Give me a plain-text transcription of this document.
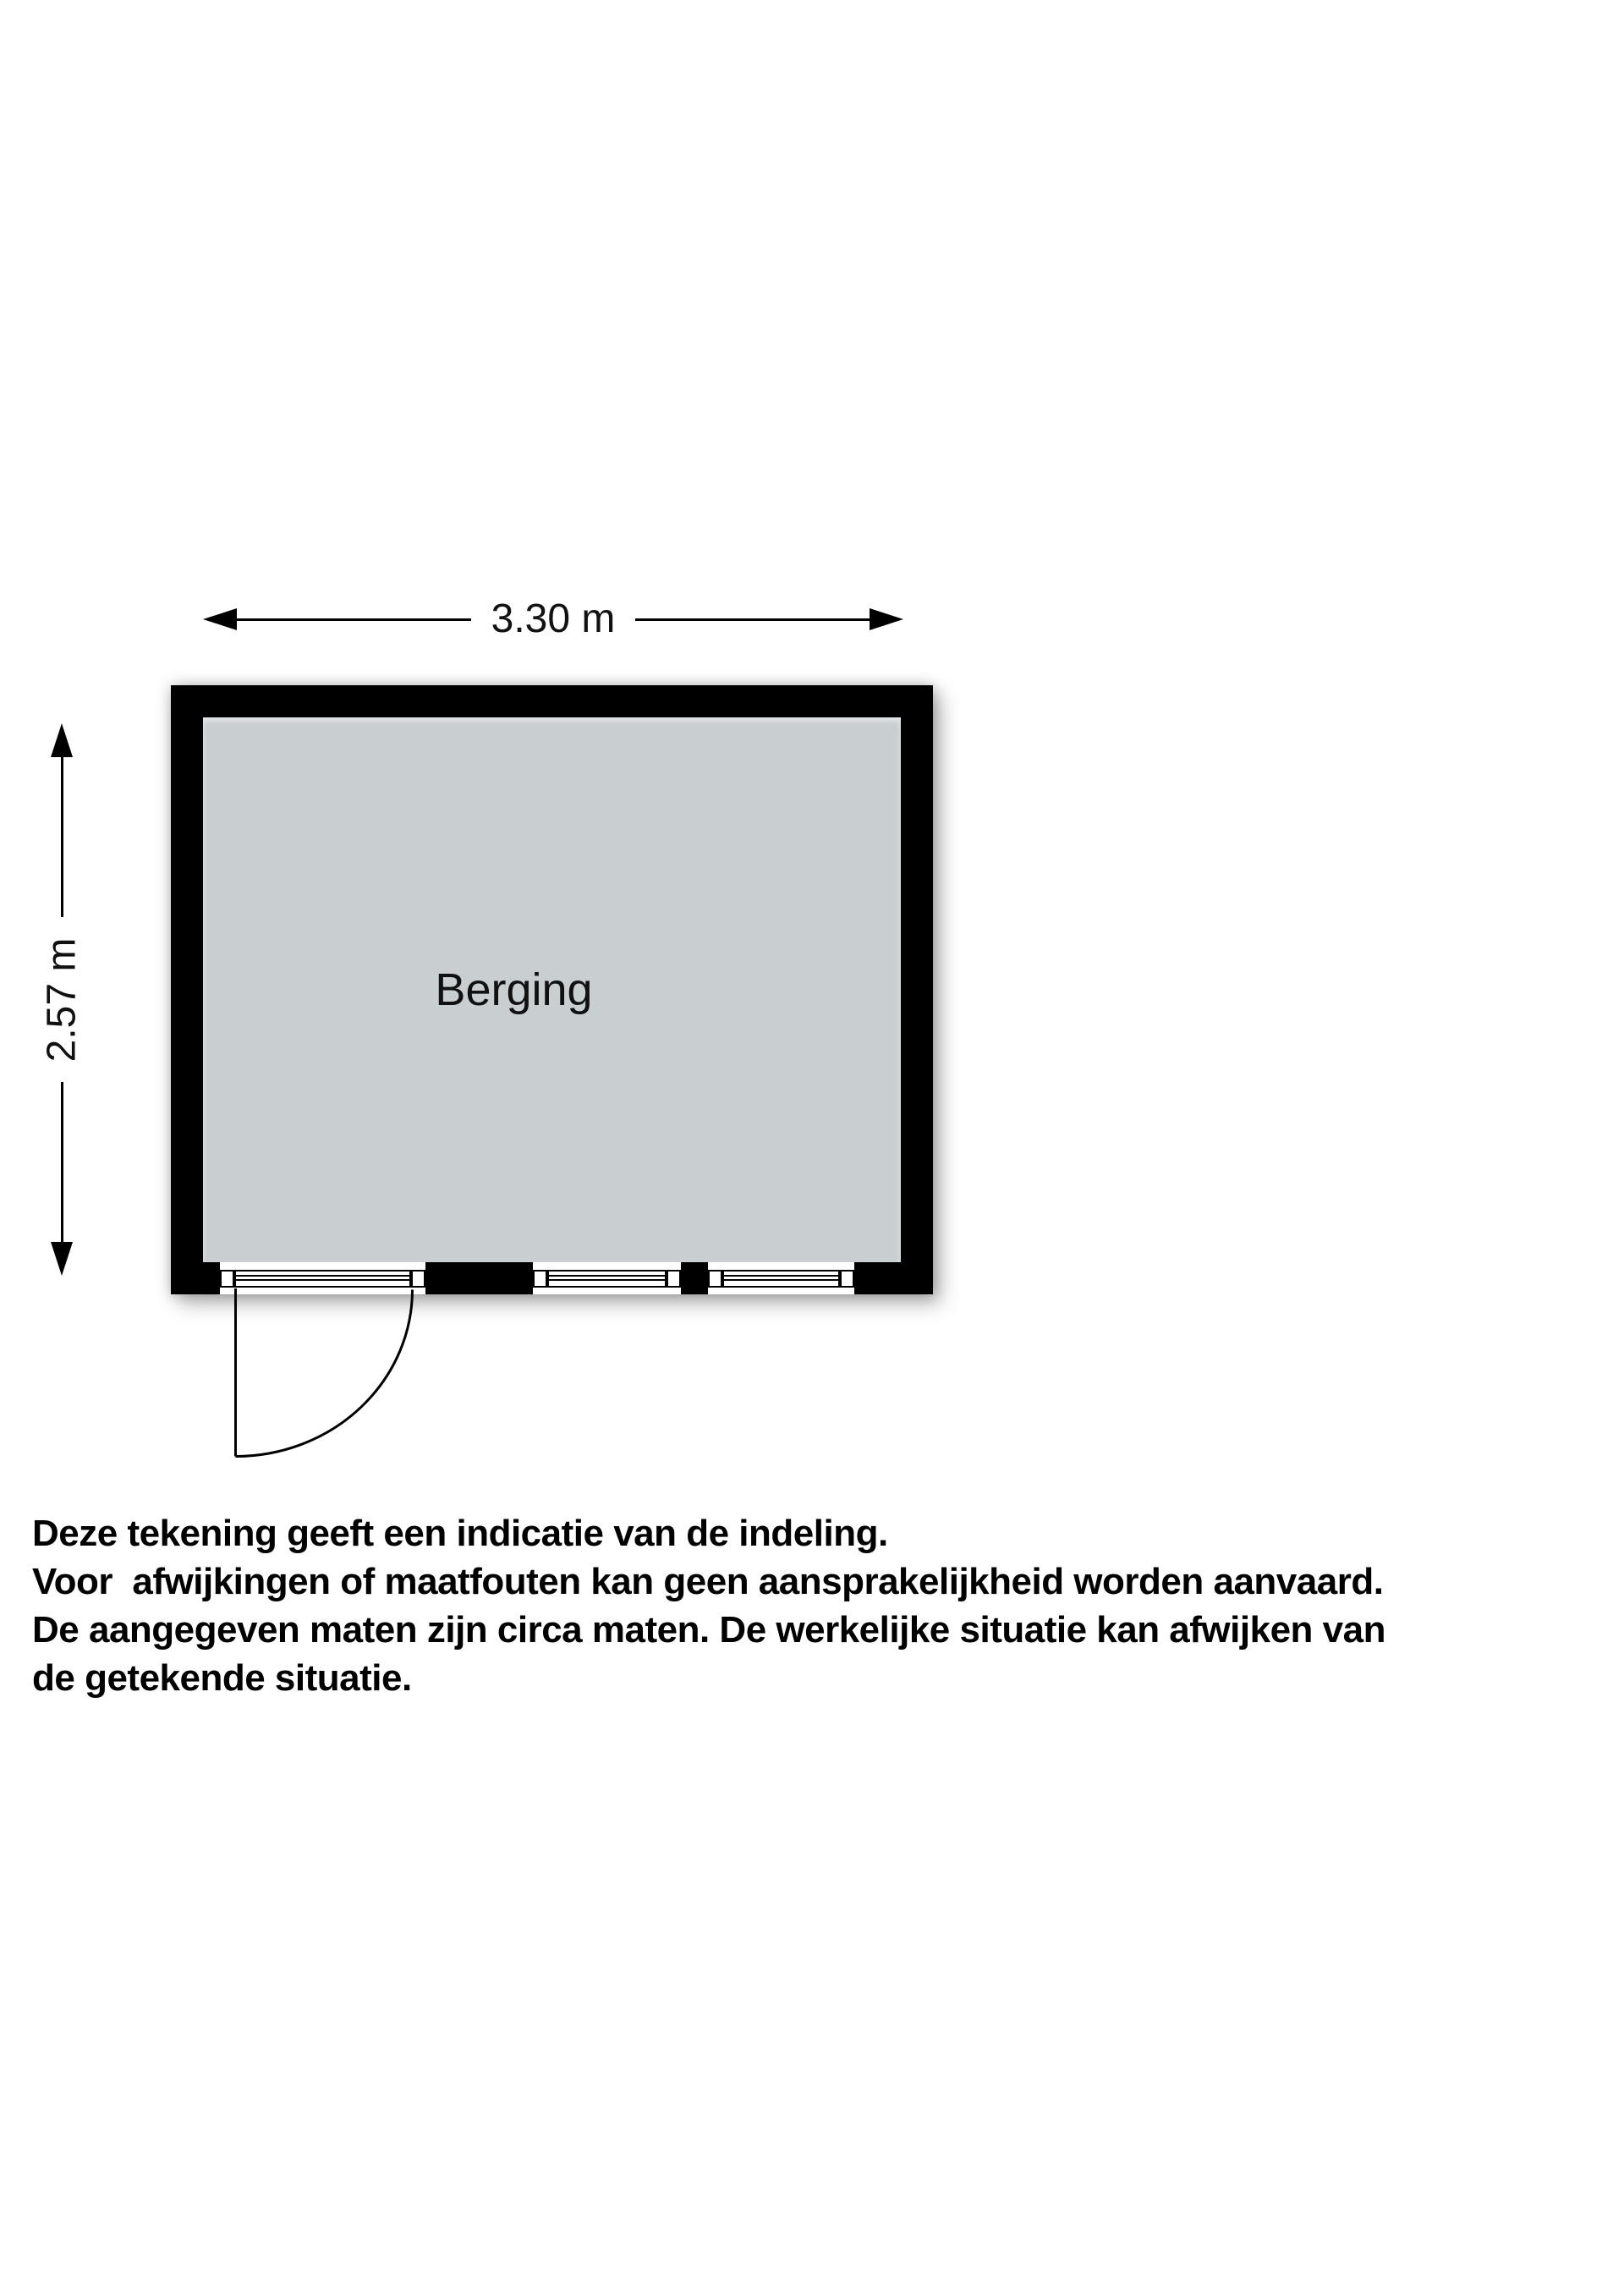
3.30 m
2.57 m	Berging

Deze tekening geeft een indicatie van de indeling.

Voor  afwijkingen of maatfouten kan geen aansprakelijkheid worden aanvaard.

De aangegeven maten zijn circa maten. De werkelijke situatie kan afwijken van

de getekende situatie.
